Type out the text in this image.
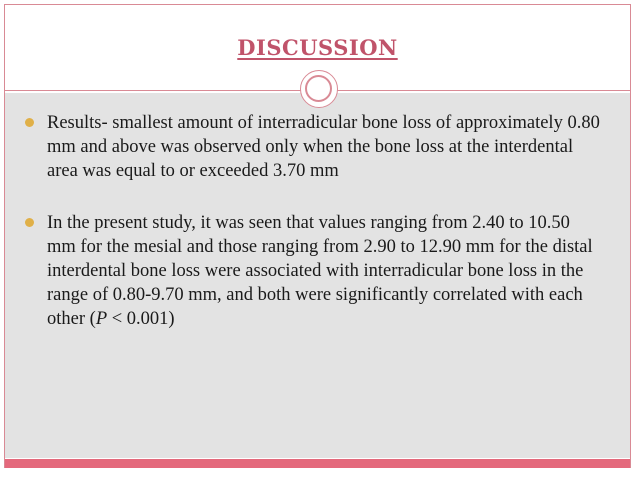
DISCUSSION
Results- smallest amount of interradicular bone loss of approximately 0.80 mm and above was observed only when the bone loss at the interdental area was equal to or exceeded 3.70 mm
In the present study, it was seen that values ranging from 2.40 to 10.50 mm for the mesial and those ranging from 2.90 to 12.90 mm for the distal interdental bone loss were associated with interradicular bone loss in the range of 0.80-9.70 mm, and both were significantly correlated with each other (P < 0.001)
